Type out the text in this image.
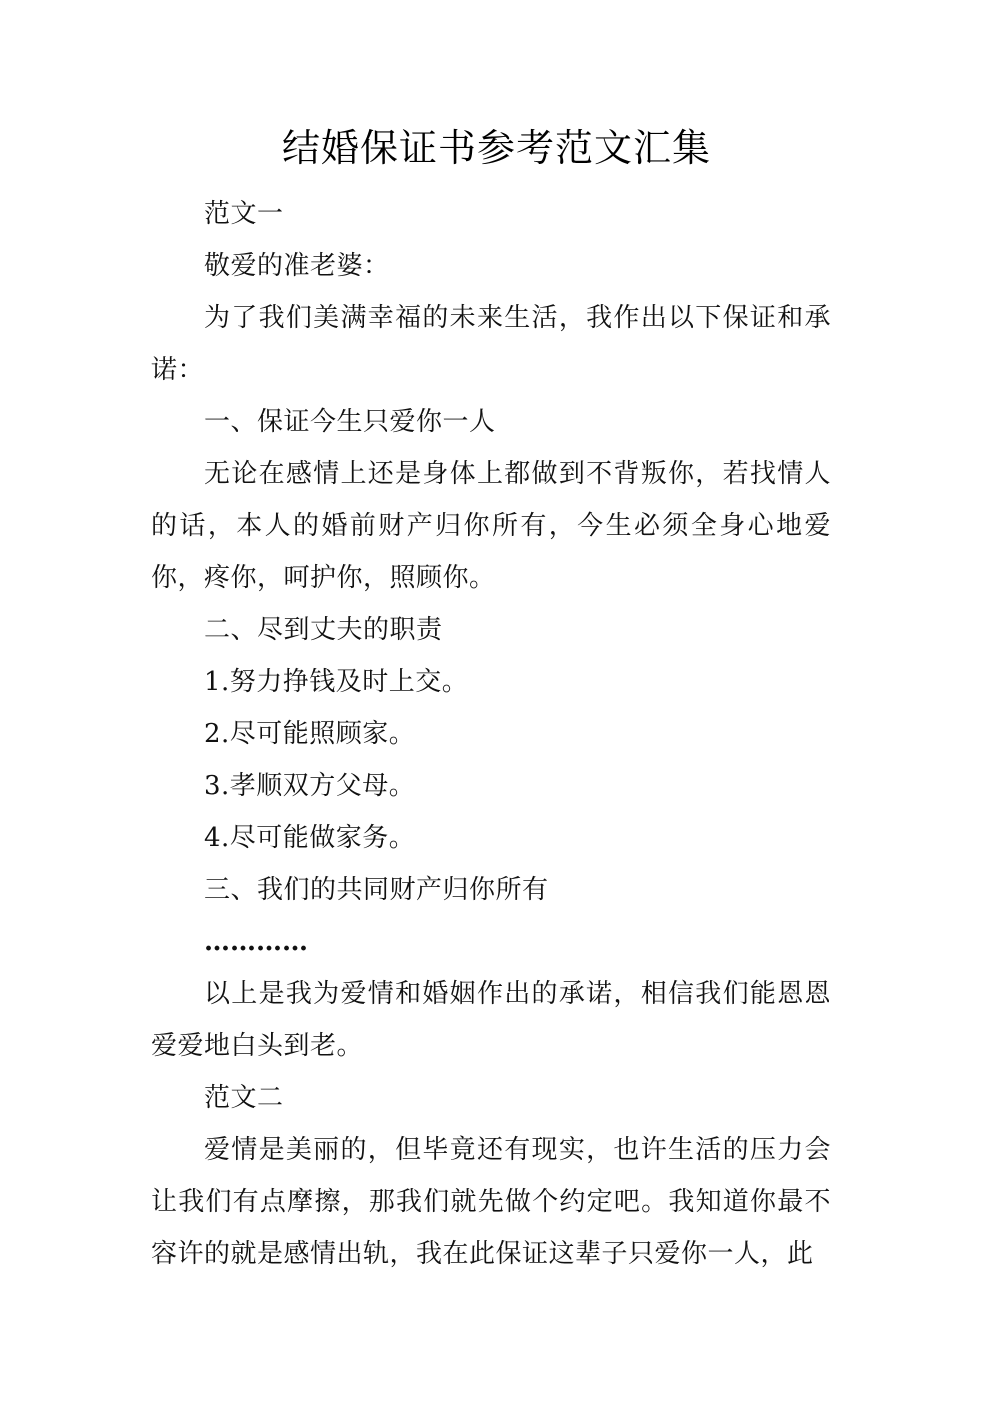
结婚保证书参考范文汇集

范文一

敬爱的准老婆：

为了我们美满幸福的未来生活，我作出以下保证和承诺：

一、保证今生只爱你一人

无论在感情上还是身体上都做到不背叛你，若找情人的话，本人的婚前财产归你所有，今生必须全身心地爱你，疼你，呵护你，照顾你。

二、尽到丈夫的职责

1.努力挣钱及时上交。

2.尽可能照顾家。

3.孝顺双方父母。

4.尽可能做家务。

三、我们的共同财产归你所有

…………

以上是我为爱情和婚姻作出的承诺，相信我们能恩恩爱爱地白头到老。

范文二

爱情是美丽的，但毕竟还有现实，也许生活的压力会让我们有点摩擦，那我们就先做个约定吧。我知道你最不容许的就是感情出轨，我在此保证这辈子只爱你一人，此
